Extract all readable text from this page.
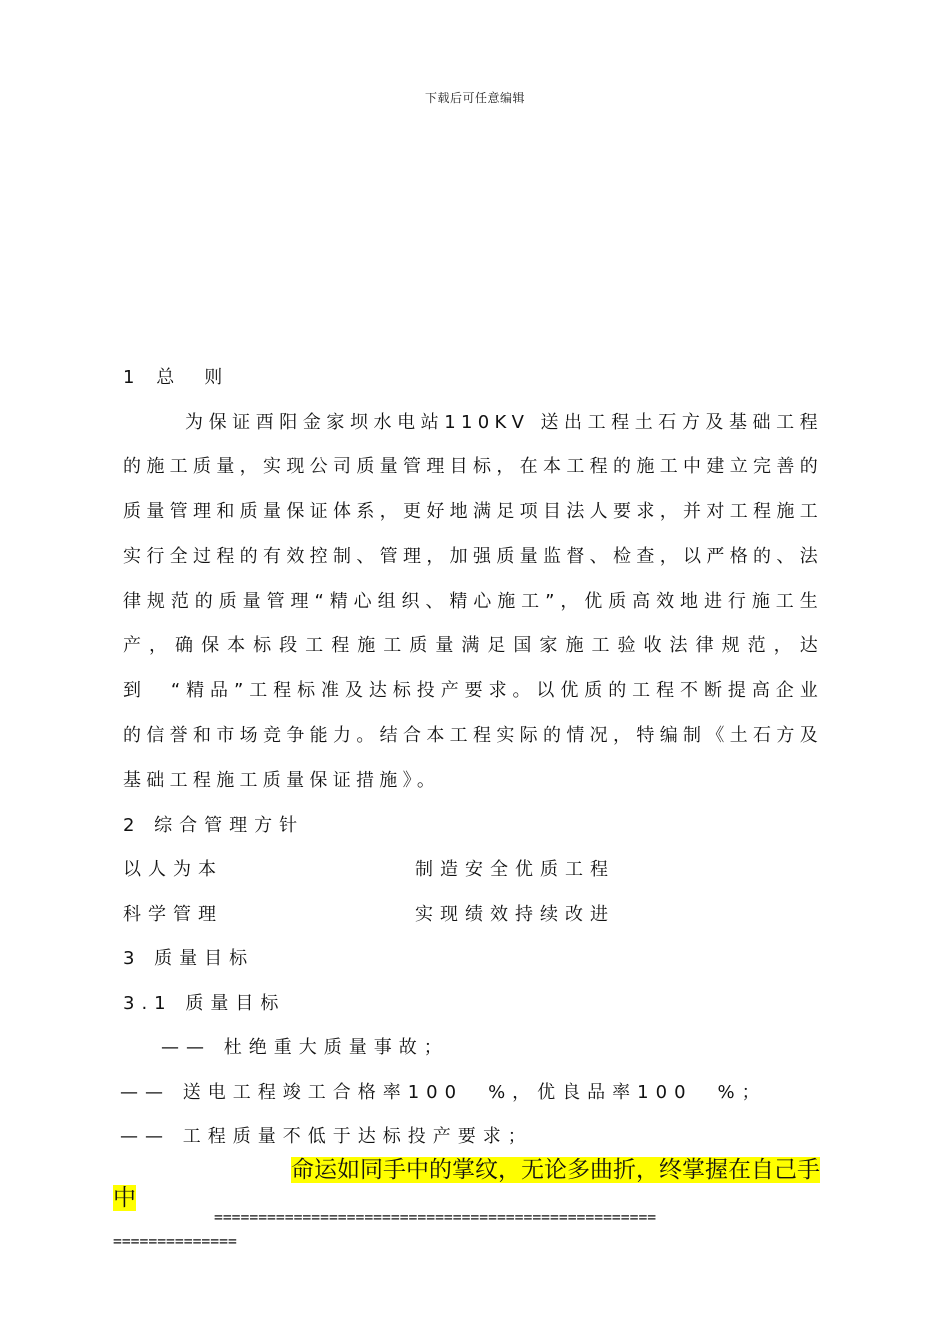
下载后可任意编辑
1 总 则

为保证酉阳金家坝水电站110KV 送出工程土石方及基础工程的施工质量，实现公司质量管理目标，在本工程的施工中建立完善的质量管理和质量保证体系，更好地满足项目法人要求，并对工程施工实行全过程的有效控制、管理，加强质量监督、检查，以严格的、法律规范的质量管理“精心组织、精心施工”，优质高效地进行施工生产，确保本标段工程施工质量满足国家施工验收法律规范，达到　“精品”工程标准及达标投产要求。以优质的工程不断提高企业的信誉和市场竞争能力。结合本工程实际的情况，特编制《土石方及基础工程施工质量保证措施》。

2 综合管理方针
以人为本	制造安全优质工程
科学管理	实现绩效持续改进
3 质量目标
3.1 质量目标
—— 杜绝重大质量事故；
—— 送电工程竣工合格率100　%，优良品率100　%；
—— 工程质量不低于达标投产要求；
命运如同手中的掌纹，无论多曲折，终掌握在自己手
中
==================================================
==============
